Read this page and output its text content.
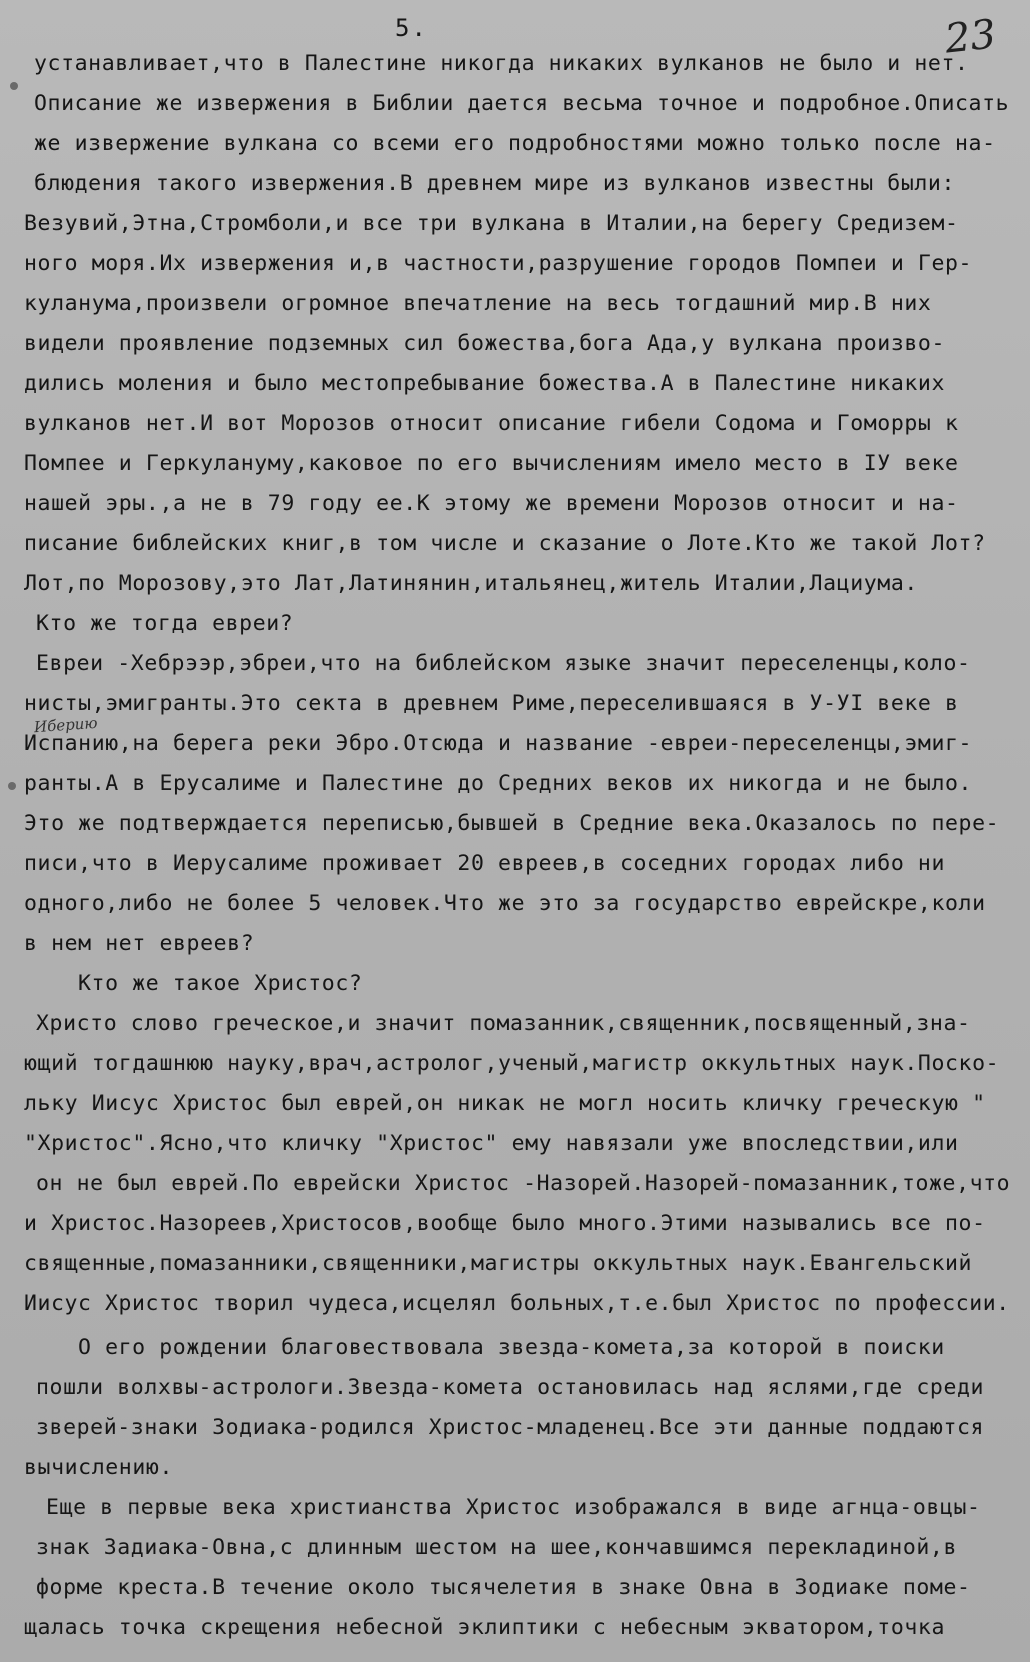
5.	23
Иберию
устанавливает,что в Палестине никогда никаких вулканов не было и нет.
Описание же извержения в Библии дается весьма точное и подробное.Описать
же извержение вулкана со всеми его подробностями можно только после на-
блюдения такого извержения.В древнем мире из вулканов известны были:
Везувий,Этна,Стромболи,и все три вулкана в Италии,на берегу Средизем-
ного моря.Их извержения и,в частности,разрушение городов Помпеи и Гер-
куланума,произвели огромное впечатление на весь тогдашний мир.В них
видели проявление подземных сил божества,бога Ада,у вулкана произво-
дились моления и было местопребывание божества.А в Палестине никаких
вулканов нет.И вот Морозов относит описание гибели Содома и Гоморры к
Помпее и Геркулануму,каковое по его вычислениям имело место в IУ веке
нашей эры.,а не в 79 году ее.К этому же времени Морозов относит и на-
писание библейских книг,в том числе и сказание о Лоте.Кто же такой Лот?
Лот,по Морозову,это Лат,Латинянин,итальянец,житель Италии,Лациума.
Кто же тогда евреи?
Евреи -Хебрээр,эбреи,что на библейском языке значит переселенцы,коло-
нисты,эмигранты.Это секта в древнем Риме,переселившаяся в У-УI веке в
Испанию,на берега реки Эбро.Отсюда и название -евреи-переселенцы,эмиг-
ранты.А в Ерусалиме и Палестине до Средних веков их никогда и не было.
Это же подтверждается переписью,бывшей в Средние века.Оказалось по пере-
писи,что в Иерусалиме проживает 20 евреев,в соседних городах либо ни
одного,либо не более 5 человек.Что же это за государство еврейскре,коли
в нем нет евреев?
Кто же такое Христос?
Христо слово греческое,и значит помазанник,священник,посвященный,зна-
ющий тогдашнюю науку,врач,астролог,ученый,магистр оккультных наук.Поско-
льку Иисус Христос был еврей,он никак не могл носить кличку греческую "
"Христос".Ясно,что кличку "Христос" ему навязали уже впоследствии,или
он не был еврей.По еврейски Христос -Назорей.Назорей-помазанник,тоже,что
и Христос.Назореев,Христосов,вообще было много.Этими назывались все по-
священные,помазанники,священники,магистры оккультных наук.Евангельский
Иисус Христос творил чудеса,исцелял больных,т.е.был Христос по профессии.
О его рождении благовествовала звезда-комета,за которой в поиски
пошли волхвы-астрологи.Звезда-комета остановилась над яслями,где среди
зверей-знаки Зодиака-родился Христос-младенец.Все эти данные поддаются
вычислению.
Еще в первые века христианства Христос изображался в виде агнца-овцы-
знак Задиака-Овна,с длинным шестом на шее,кончавшимся перекладиной,в
форме креста.В течение около тысячелетия в знаке Овна в Зодиаке поме-
щалась точка скрещения небесной эклиптики с небесным экватором,точка
